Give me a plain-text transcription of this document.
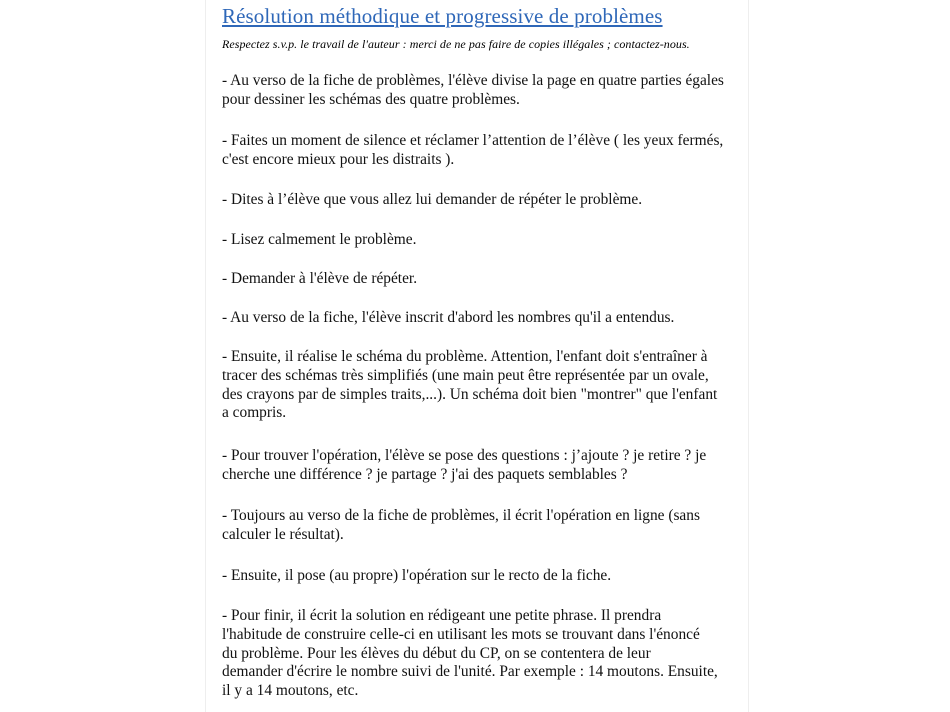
Résolution méthodique et progressive de problèmes

Respectez s.v.p. le travail de l'auteur : merci de ne pas faire de copies illégales ; contactez-nous.

- Au verso de la fiche de problèmes, l'élève divise la page en quatre parties égales
pour dessiner les schémas des quatre problèmes.

- Faites un moment de silence et réclamer l’attention de l’élève ( les yeux fermés,
c'est encore mieux pour les distraits ).

- Dites à l’élève que vous allez lui demander de répéter le problème.

- Lisez calmement le problème.

- Demander à l'élève de répéter.

- Au verso de la fiche, l'élève inscrit d'abord les nombres qu'il a entendus.

- Ensuite, il réalise le schéma du problème. Attention, l'enfant doit s'entraîner à
tracer des schémas très simplifiés (une main peut être représentée par un ovale,
des crayons par de simples traits,...). Un schéma doit bien "montrer" que l'enfant
a compris.

- Pour trouver l'opération, l'élève se pose des questions : j’ajoute ? je retire ? je
cherche une différence ? je partage ? j'ai des paquets semblables ?

- Toujours au verso de la fiche de problèmes, il écrit l'opération en ligne (sans
calculer le résultat).

- Ensuite, il pose (au propre) l'opération sur le recto de la fiche.

- Pour finir, il écrit la solution en rédigeant une petite phrase. Il prendra
l'habitude de construire celle-ci en utilisant les mots se trouvant dans l'énoncé
du problème. Pour les élèves du début du CP, on se contentera de leur
demander d'écrire le nombre suivi de l'unité. Par exemple : 14 moutons. Ensuite,
il y a 14 moutons, etc.
